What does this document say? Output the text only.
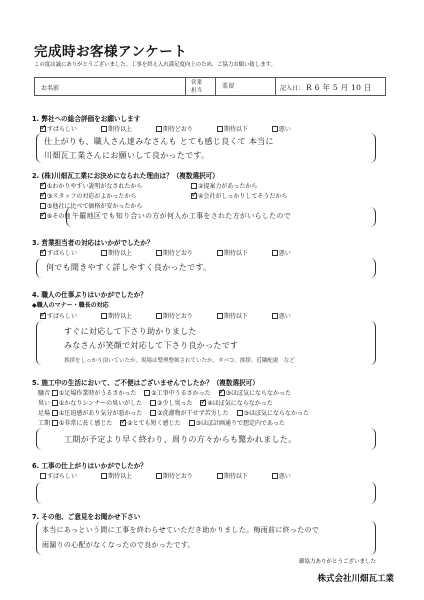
完成時お客様アンケート
この度は誠にありがとうございました。工事を終え入れ満足度向上のため、ご協力お願い致します。
お名前
営業
担当
栗留	記入日： R 6 年 5 月 10 日
1. 弊社への総合評価をお願いします
✓すばらしい	期待以上	期待どおり	期待以下	悪い
仕上がりも、職人さん達みなさんも とても感じ良くて 本当に
川畑瓦工業さんにお願いして良かったです。
2. (株)川畑瓦工業にお決めになられた理由は？（複数選択可）
✓①わかりやすい説明がなされたから	②提案力があったから
✓③スタッフの対応がよかったから ✓	④会社がしっかりしてそうだから
⑤他社に比べて価格が安かったから
✓⑥その他 午羅地区でも知り合いの方が何人か工事をされた方がいらしたので
3. 営業担当者の対応はいかがでしたか？
✓すばらしい	期待以上	期待どおり	期待以下	悪い
何でも聞きやすく詳しやすく良かったです。
4. 職人の仕事ぶりはいかがでしたか？
◆職人のマナー・職長の対応
✓すばらしい	期待以上	期待どおり	期待以下	悪い
すぐに対応して下さり助かりました
みなさんが笑顔で対応して下さり良かったです
挨拶をしっかり頂いていたか、現場は整理整頓されていたか、タバコ、挨拶、近隣配慮　など
5. 施工中の生活において、ご不便はございませんでしたか？（複数選択可）
騒音 ①足場作業時がうるさかった ②工事中うるさかった ✓ ③ほぼ気にならなかった
臭い ①かなりシンナーの臭いがした ②少し臭った ✓ ④ほぼ気にならなかった
足場 ①圧迫感があり気分が悪かった ②洗濯物が干せず苦労した ③ほぼ気にならなかった
工期 ①非常に長く感じた ✓ ②とても短く感じた ③ほぼ計画通りで想定内であった
工期が予定より早く終わり、周りの方々からも驚かれました。
6. 工事の仕上がりはいかがでしたか？
すばらしい	期待以上	期待どおり	期待以下	悪い
7. その他、ご意見をお聞かせ下さい
本当にあっという間に工事を終わらせていただき助かりました。梅雨前に終ったので
雨漏りの心配がなくなったので良かったです。
御協力ありがとうございました
株式会社川畑瓦工業
